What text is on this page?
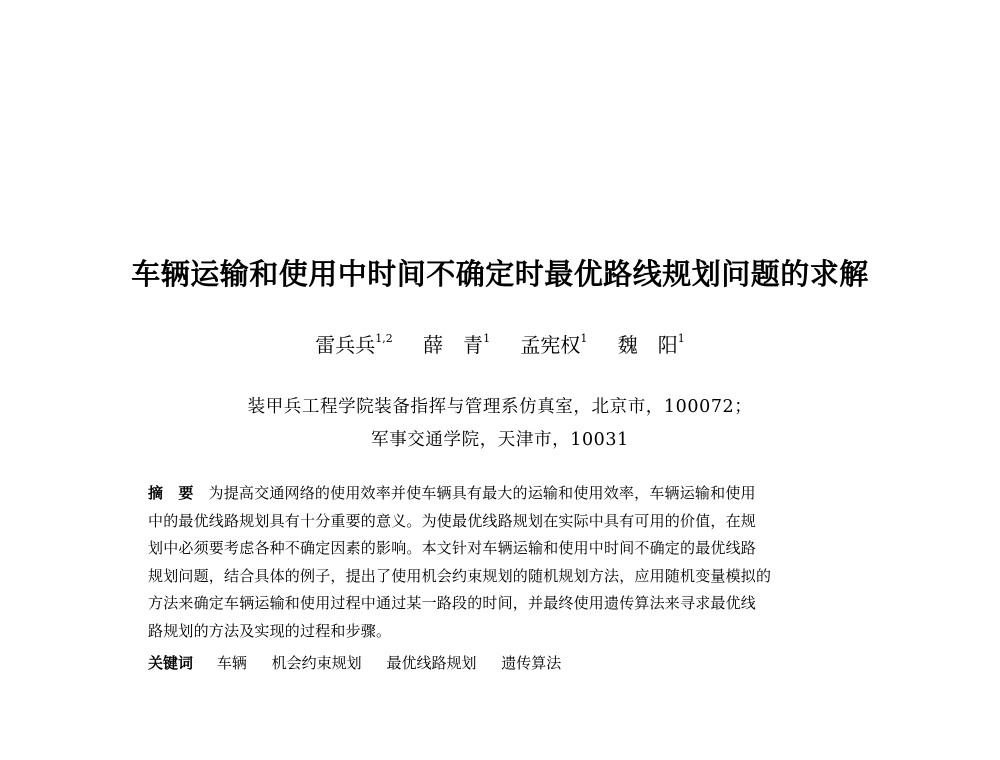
车辆运输和使用中时间不确定时最优路线规划问题的求解
雷兵兵$^{1,2}$ 薛　青$^1$ 孟宪权$^1$ 魏　阳$^1$
装甲兵工程学院装备指挥与管理系仿真室，北京市，100072；
军事交通学院，天津市，10031
摘　要 为提高交通网络的使用效率并使车辆具有最大的运输和使用效率，车辆运输和使用
中的最优线路规划具有十分重要的意义。为使最优线路规划在实际中具有可用的价值，在规
划中必须要考虑各种不确定因素的影响。本文针对车辆运输和使用中时间不确定的最优线路
规划问题，结合具体的例子，提出了使用机会约束规划的随机规划方法，应用随机变量模拟的
方法来确定车辆运输和使用过程中通过某一路段的时间，并最终使用遗传算法来寻求最优线
路规划的方法及实现的过程和步骤。
关键词 车辆 机会约束规划 最优线路规划 遗传算法
